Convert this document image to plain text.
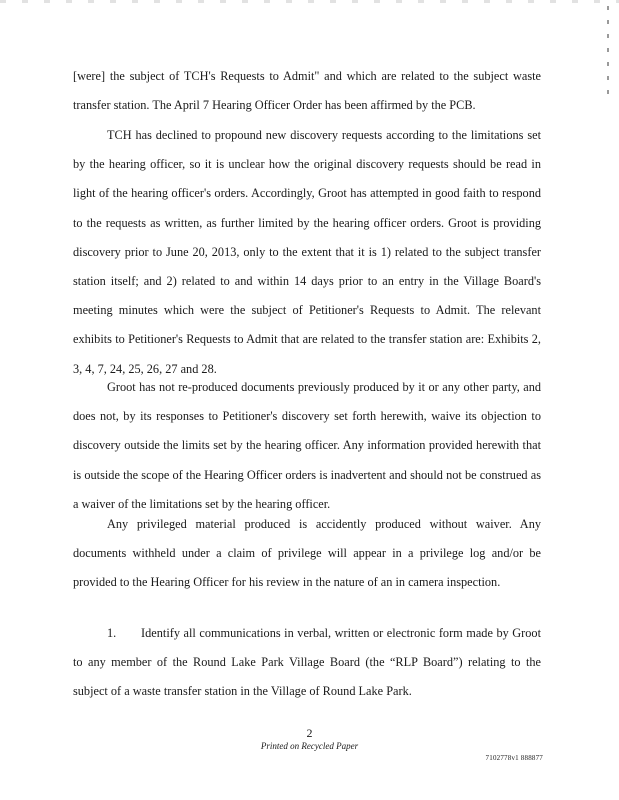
[were] the subject of TCH's Requests to Admit" and which are related to the subject waste transfer station. The April 7 Hearing Officer Order has been affirmed by the PCB.

TCH has declined to propound new discovery requests according to the limitations set by the hearing officer, so it is unclear how the original discovery requests should be read in light of the hearing officer's orders. Accordingly, Groot has attempted in good faith to respond to the requests as written, as further limited by the hearing officer orders. Groot is providing discovery prior to June 20, 2013, only to the extent that it is 1) related to the subject transfer station itself; and 2) related to and within 14 days prior to an entry in the Village Board's meeting minutes which were the subject of Petitioner's Requests to Admit. The relevant exhibits to Petitioner's Requests to Admit that are related to the transfer station are: Exhibits 2, 3, 4, 7, 24, 25, 26, 27 and 28.

Groot has not re-produced documents previously produced by it or any other party, and does not, by its responses to Petitioner's discovery set forth herewith, waive its objection to discovery outside the limits set by the hearing officer. Any information provided herewith that is outside the scope of the Hearing Officer orders is inadvertent and should not be construed as a waiver of the limitations set by the hearing officer.

Any privileged material produced is accidently produced without waiver. Any documents withheld under a claim of privilege will appear in a privilege log and/or be provided to the Hearing Officer for his review in the nature of an in camera inspection.

1.       Identify all communications in verbal, written or electronic form made by Groot to any member of the Round Lake Park Village Board (the “RLP Board”) relating to the subject of a waste transfer station in the Village of Round Lake Park.

2
Printed on Recycled Paper
7102778v1 888877
